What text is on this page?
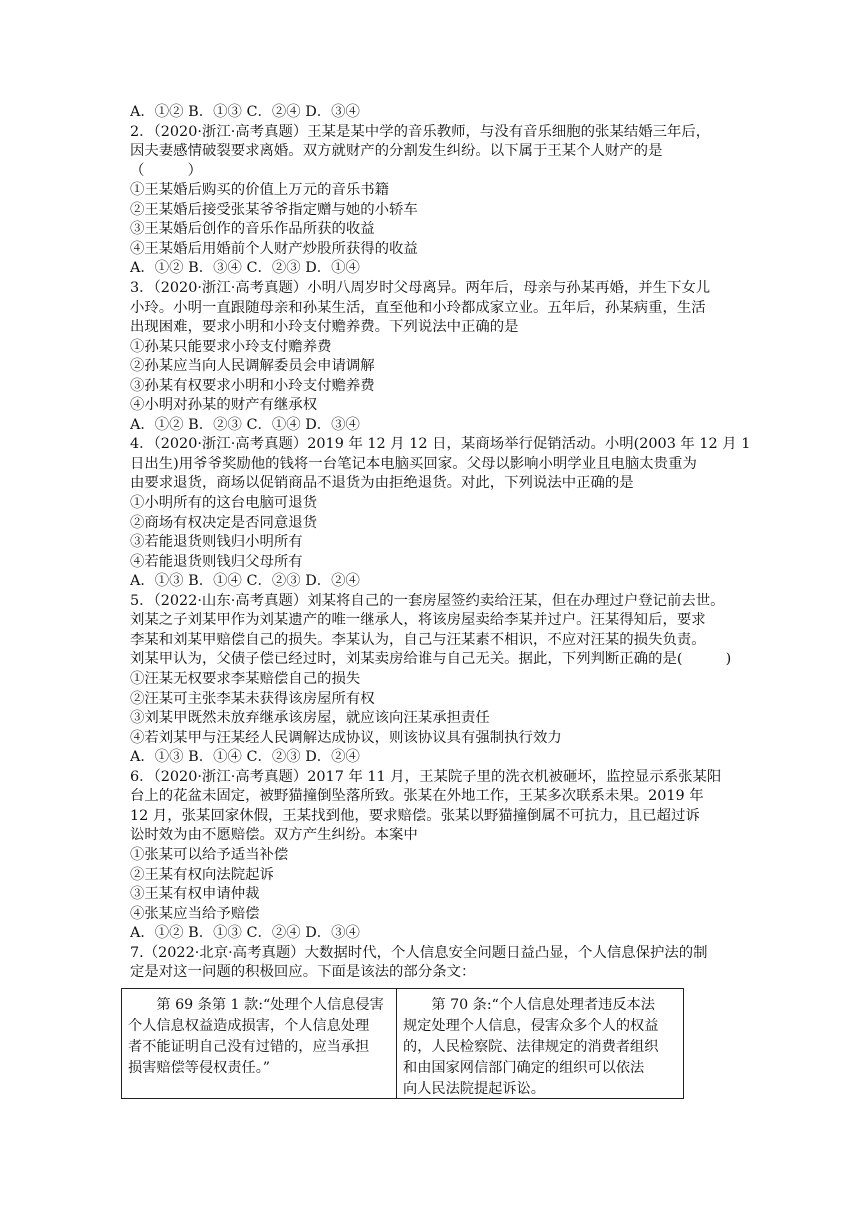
A．①② B．①③ C．②④ D．③④
2．（2020·浙江·高考真题）王某是某中学的音乐教师，与没有音乐细胞的张某结婚三年后，
因夫妻感情破裂要求离婚。双方就财产的分割发生纠纷。以下属于王某个人财产的是
（　　　）
①王某婚后购买的价值上万元的音乐书籍
②王某婚后接受张某爷爷指定赠与她的小轿车
③王某婚后创作的音乐作品所获的收益
④王某婚后用婚前个人财产炒股所获得的收益
A．①② B．③④ C．②③ D．①④
3．（2020·浙江·高考真题）小明八周岁时父母离异。两年后，母亲与孙某再婚，并生下女儿
小玲。小明一直跟随母亲和孙某生活，直至他和小玲都成家立业。五年后，孙某病重，生活
出现困难，要求小明和小玲支付赡养费。下列说法中正确的是
①孙某只能要求小玲支付赡养费
②孙某应当向人民调解委员会申请调解
③孙某有权要求小明和小玲支付赡养费
④小明对孙某的财产有继承权
A．①② B．②③ C．①④ D．③④
4．（2020·浙江·高考真题）2019 年 12 月 12 日，某商场举行促销活动。小明(2003 年 12 月 1
日出生)用爷爷奖励他的钱将一台笔记本电脑买回家。父母以影响小明学业且电脑太贵重为
由要求退货，商场以促销商品不退货为由拒绝退货。对此，下列说法中正确的是
①小明所有的这台电脑可退货
②商场有权决定是否同意退货
③若能退货则钱归小明所有
④若能退货则钱归父母所有
A．①③ B．①④ C．②③ D．②④
5．（2022·山东·高考真题）刘某将自己的一套房屋签约卖给汪某，但在办理过户登记前去世。
刘某之子刘某甲作为刘某遗产的唯一继承人，将该房屋卖给李某并过户。汪某得知后，要求
李某和刘某甲赔偿自己的损失。李某认为，自己与汪某素不相识，不应对汪某的损失负责。
刘某甲认为，父债子偿已经过时，刘某卖房给谁与自己无关。据此，下列判断正确的是(　　　)
①汪某无权要求李某赔偿自己的损失
②汪某可主张李某未获得该房屋所有权
③刘某甲既然未放弃继承该房屋，就应该向汪某承担责任
④若刘某甲与汪某经人民调解达成协议，则该协议具有强制执行效力
A．①③ B．①④ C．②③ D．②④
6．（2020·浙江·高考真题）2017 年 11 月，王某院子里的洗衣机被砸坏，监控显示系张某阳
台上的花盆未固定，被野猫撞倒坠落所致。张某在外地工作，王某多次联系未果。2019 年
12 月，张某回家休假，王某找到他，要求赔偿。张某以野猫撞倒属不可抗力，且已超过诉
讼时效为由不愿赔偿。双方产生纠纷。本案中
①张某可以给予适当补偿
②王某有权向法院起诉
③王某有权申请仲裁
④张某应当给予赔偿
A．①② B．①③ C．②④ D．③④
7.（2022·北京·高考真题）大数据时代，个人信息安全问题日益凸显，个人信息保护法的制
定是对这一问题的积极回应。下面是该法的部分条文：
　　第 69 条第 1 款:“处理个人信息侵害
个人信息权益造成损害，个人信息处理
者不能证明自己没有过错的，应当承担
损害赔偿等侵权责任。”
　　第 70 条:“个人信息处理者违反本法
规定处理个人信息，侵害众多个人的权益
的，人民检察院、法律规定的消费者组织
和由国家网信部门确定的组织可以依法
向人民法院提起诉讼。
